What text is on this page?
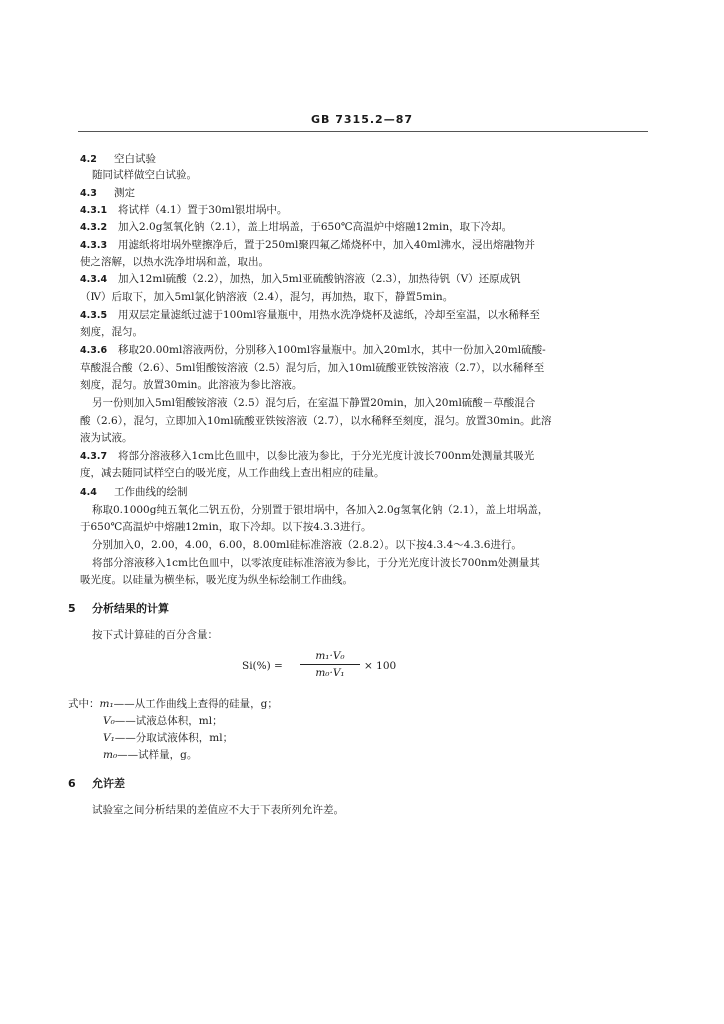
GB 7315.2—87
4.2 空白试验
随同试样做空白试验。
4.3 测定
4.3.1 将试样（4.1）置于30ml银坩埚中。
4.3.2 加入2.0g氢氧化钠（2.1），盖上坩埚盖，于650℃高温炉中熔融12min，取下冷却。
4.3.3 用滤纸将坩埚外壁擦净后，置于250ml聚四氟乙烯烧杯中，加入40ml沸水，浸出熔融物并
使之溶解，以热水洗净坩埚和盖，取出。
4.3.4 加入12ml硫酸（2.2），加热，加入5ml亚硫酸钠溶液（2.3），加热待钒（V）还原成钒
（Ⅳ）后取下，加入5ml氯化钠溶液（2.4），混匀，再加热，取下，静置5min。
4.3.5 用双层定量滤纸过滤于100ml容量瓶中，用热水洗净烧杯及滤纸，冷却至室温，以水稀释至
刻度，混匀。
4.3.6 移取20.00ml溶液两份，分别移入100ml容量瓶中。加入20ml水，其中一份加入20ml硫酸-
草酸混合酸（2.6）、5ml钼酸铵溶液（2.5）混匀后，加入10ml硫酸亚铁铵溶液（2.7），以水稀释至
刻度，混匀。放置30min。此溶液为参比溶液。
另一份则加入5ml钼酸铵溶液（2.5）混匀后，在室温下静置20min，加入20ml硫酸－草酸混合
酸（2.6），混匀，立即加入10ml硫酸亚铁铵溶液（2.7），以水稀释至刻度，混匀。放置30min。此溶
液为试液。
4.3.7 将部分溶液移入1cm比色皿中，以参比液为参比，于分光光度计波长700nm处测量其吸光
度，减去随同试样空白的吸光度，从工作曲线上查出相应的硅量。
4.4 工作曲线的绘制
称取0.1000g纯五氧化二钒五份，分别置于银坩埚中，各加入2.0g氢氧化钠（2.1），盖上坩埚盖，
于650℃高温炉中熔融12min，取下冷却。以下按4.3.3进行。
分别加入0，2.00，4.00，6.00，8.00ml硅标准溶液（2.8.2）。以下按4.3.4～4.3.6进行。
将部分溶液移入1cm比色皿中，以零浓度硅标准溶液为参比，于分光光度计波长700nm处测量其
吸光度。以硅量为横坐标，吸光度为纵坐标绘制工作曲线。
5 分析结果的计算
按下式计算硅的百分含量：
Si(%) =
m₁·V₀
m₀·V₁
× 100
式中：m₁——从工作曲线上查得的硅量，g；
V₀——试液总体积，ml；
V₁——分取试液体积，ml；
m₀——试样量，g。
6 允许差
试验室之间分析结果的差值应不大于下表所列允许差。
